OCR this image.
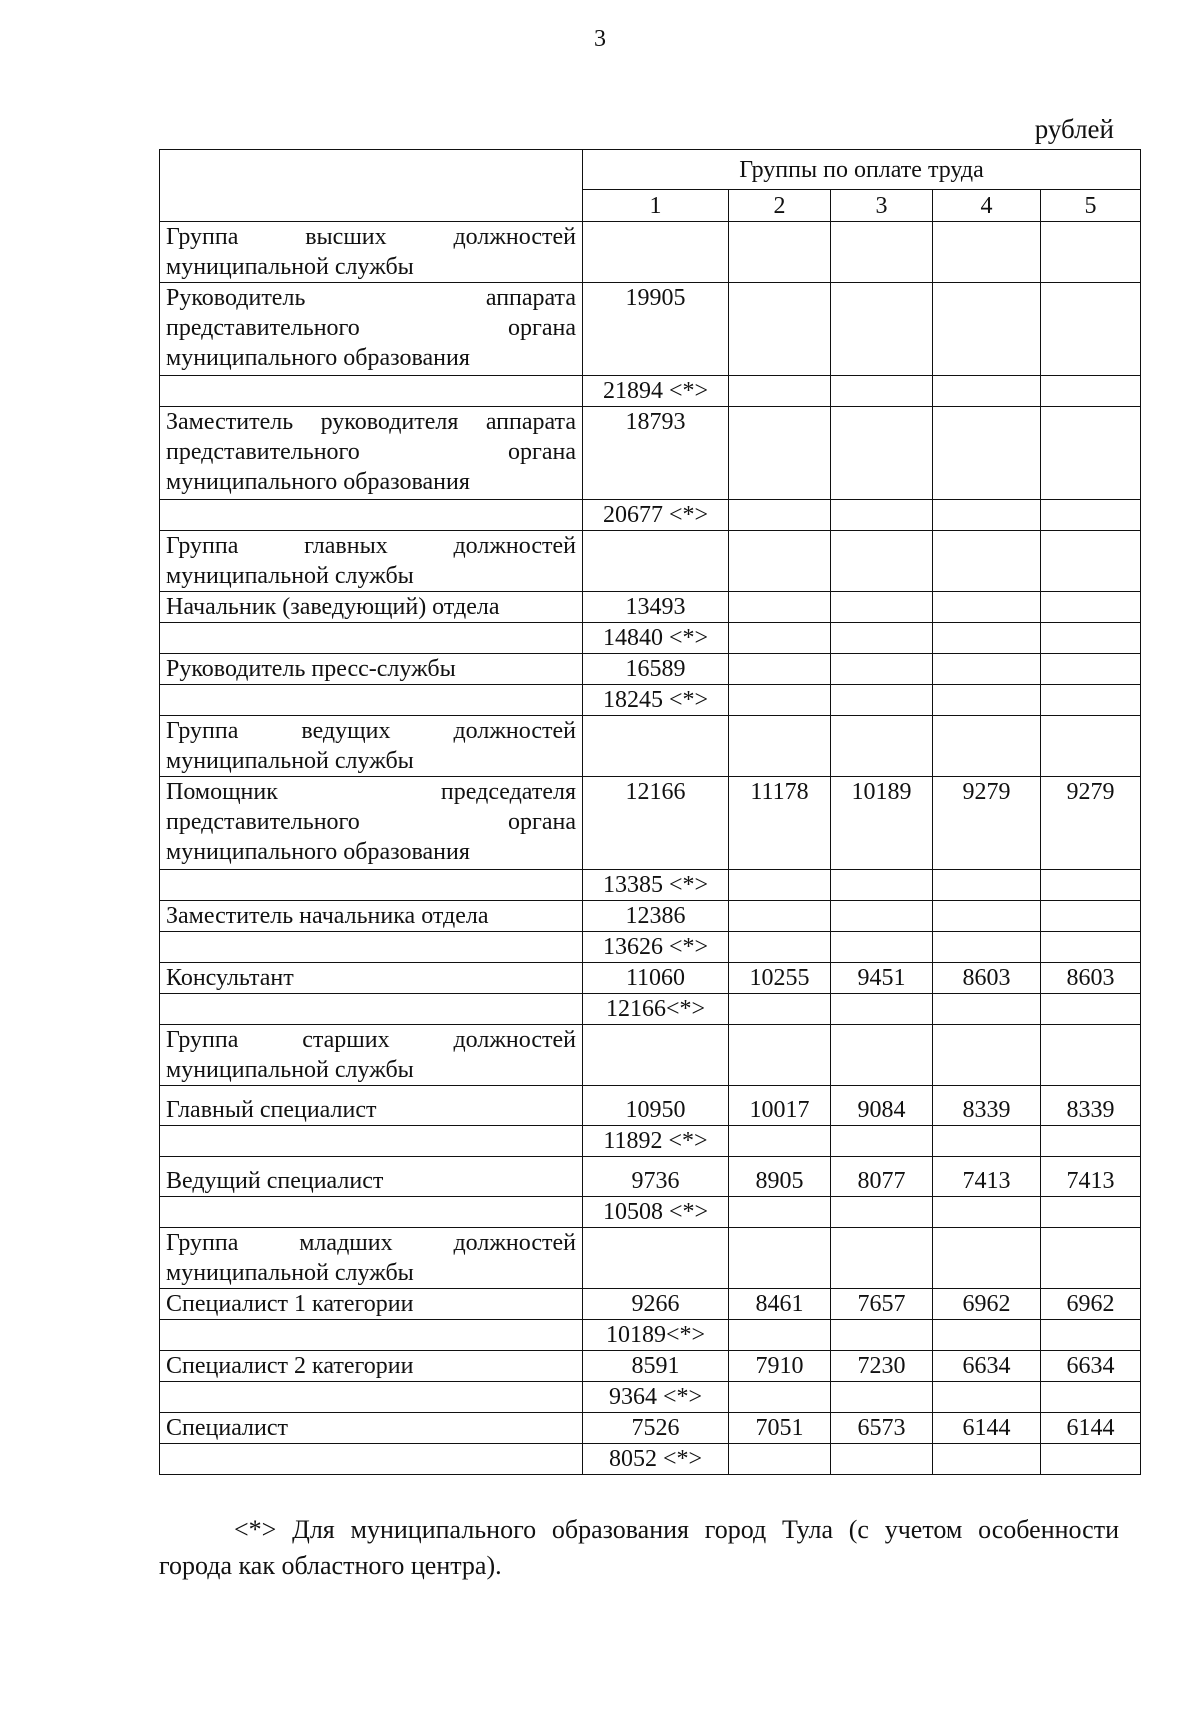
3
рублей
	Группы по оплате труда				
	1	2	3	4	5
Группа высших должностей муниципальной службы					
Руководитель аппарата представительного органа муниципального образования	19905				
	21894 <*>				
Заместитель руководителя аппарата представительного органа муниципального образования	18793				
	20677 <*>				
Группа главных должностей муниципальной службы					
Начальник (заведующий) отдела	13493				
	14840 <*>				
Руководитель пресс-службы	16589				
	18245 <*>				
Группа ведущих должностей муниципальной службы					
Помощник председателя представительного органа муниципального образования	12166	11178	10189	9279	9279
	13385 <*>				
Заместитель начальника отдела	12386				
	13626 <*>				
Консультант	11060	10255	9451	8603	8603
	12166<*>				
Группа старших должностей муниципальной службы					
Главный специалист	10950	10017	9084	8339	8339
	11892 <*>				
Ведущий специалист	9736	8905	8077	7413	7413
	10508 <*>				
Группа младших должностей муниципальной службы					
Специалист 1 категории	9266	8461	7657	6962	6962
	10189<*>				
Специалист 2 категории	8591	7910	7230	6634	6634
	9364 <*>				
Специалист	7526	7051	6573	6144	6144
	8052 <*>				
<*> Для муниципального образования город Тула (с учетом особенности города как областного центра).
